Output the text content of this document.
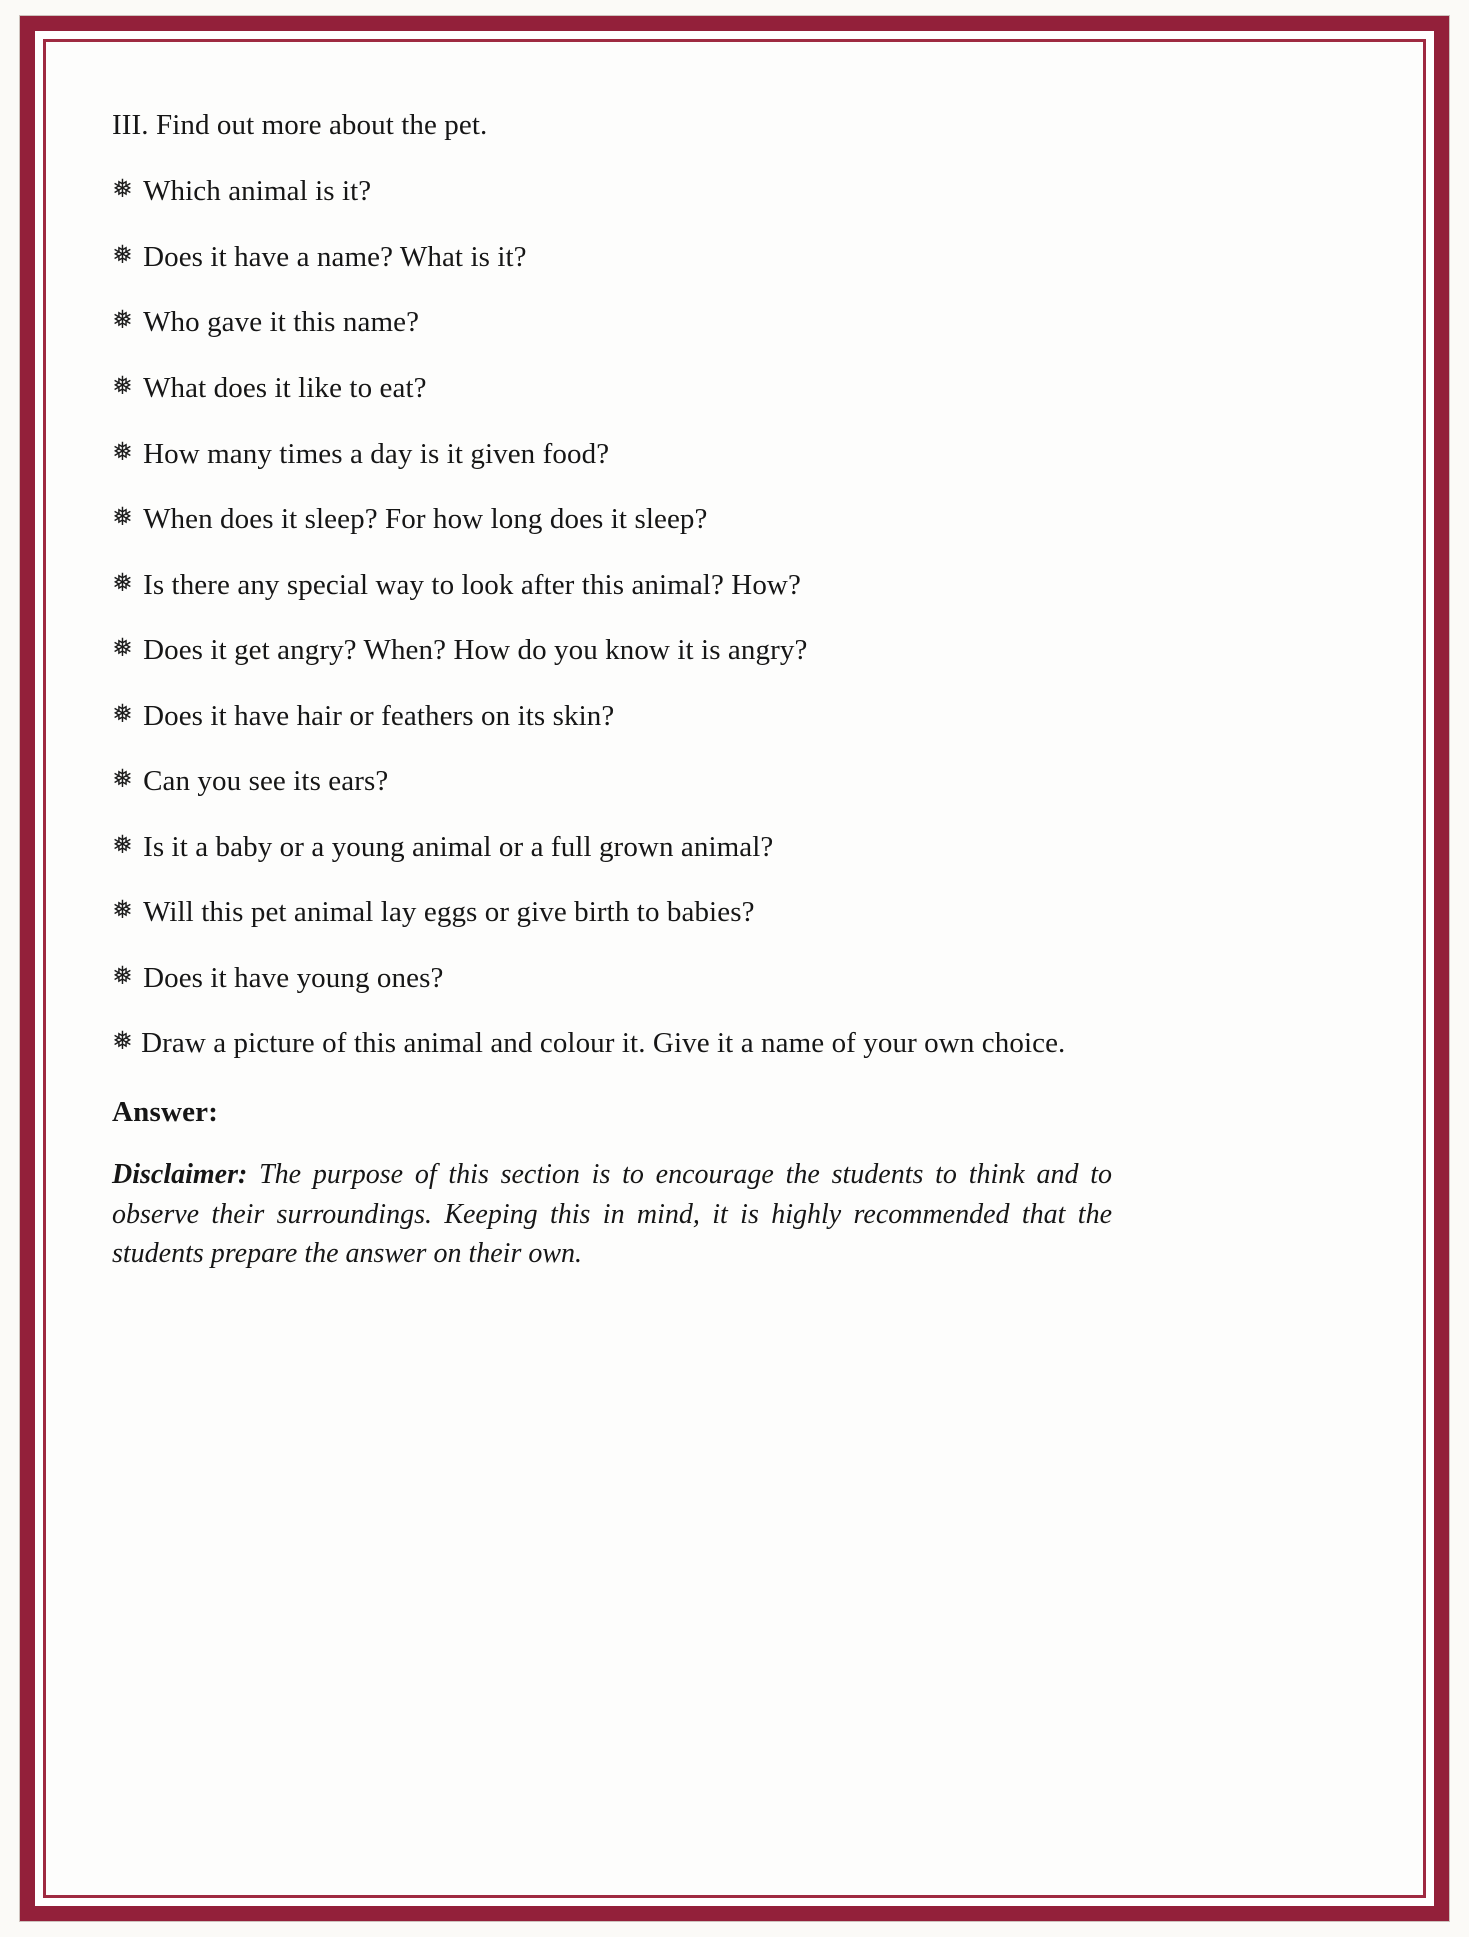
III. Find out more about the pet.

❅ Which animal is it?

❅ Does it have a name? What is it?

❅ Who gave it this name?

❅ What does it like to eat?

❅ How many times a day is it given food?

❅ When does it sleep? For how long does it sleep?

❅ Is there any special way to look after this animal? How?

❅ Does it get angry? When? How do you know it is angry?

❅ Does it have hair or feathers on its skin?

❅ Can you see its ears?

❅ Is it a baby or a young animal or a full grown animal?

❅ Will this pet animal lay eggs or give birth to babies?

❅ Does it have young ones?

❅ Draw a picture of this animal and colour it. Give it a name of your own choice.

Answer:

Disclaimer: The purpose of this section is to encourage the students to think and to observe their surroundings. Keeping this in mind, it is highly recommended that the students prepare the answer on their own.
